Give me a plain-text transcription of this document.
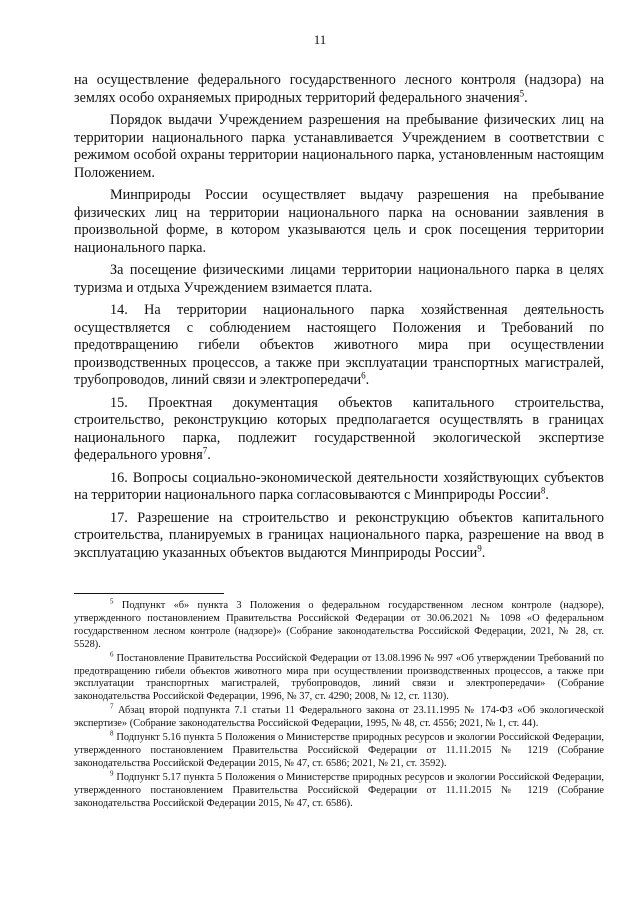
11

на осуществление федерального государственного лесного контроля (надзора) на землях особо охраняемых природных территорий федерального значения$^5$.

Порядок выдачи Учреждением разрешения на пребывание физических лиц на территории национального парка устанавливается Учреждением в соответствии с режимом особой охраны территории национального парка, установленным настоящим Положением.

Минприроды России осуществляет выдачу разрешения на пребывание физических лиц на территории национального парка на основании заявления в произвольной форме, в котором указываются цель и срок посещения территории национального парка.

За посещение физическими лицами территории национального парка в целях туризма и отдыха Учреждением взимается плата.

14. На территории национального парка хозяйственная деятельность осуществляется с соблюдением настоящего Положения и Требований по предотвращению гибели объектов животного мира при осуществлении производственных процессов, а также при эксплуатации транспортных магистралей, трубопроводов, линий связи и электропередачи$^6$.

15. Проектная документация объектов капитального строительства, строительство, реконструкцию которых предполагается осуществлять в границах национального парка, подлежит государственной экологической экспертизе федерального уровня$^7$.

16. Вопросы социально-экономической деятельности хозяйствующих субъектов на территории национального парка согласовываются с Минприроды России$^8$.

17. Разрешение на строительство и реконструкцию объектов капитального строительства, планируемых в границах национального парка, разрешение на ввод в эксплуатацию указанных объектов выдаются Минприроды России$^9$.

$^5$ Подпункт «б» пункта 3 Положения о федеральном государственном лесном контроле (надзоре), утвержденного постановлением Правительства Российской Федерации от 30.06.2021 № 1098 «О федеральном государственном лесном контроле (надзоре)» (Собрание законодательства Российской Федерации, 2021, № 28, ст. 5528).

$^6$ Постановление Правительства Российской Федерации от 13.08.1996 № 997 «Об утверждении Требований по предотвращению гибели объектов животного мира при осуществлении производственных процессов, а также при эксплуатации транспортных магистралей, трубопроводов, линий связи и электропередачи» (Собрание законодательства Российской Федерации, 1996, № 37, ст. 4290; 2008, № 12, ст. 1130).

$^7$ Абзац второй подпункта 7.1 статьи 11 Федерального закона от 23.11.1995 № 174-ФЗ «Об экологической экспертизе» (Собрание законодательства Российской Федерации, 1995, № 48, ст. 4556; 2021, № 1, ст. 44).

$^8$ Подпункт 5.16 пункта 5 Положения о Министерстве природных ресурсов и экологии Российской Федерации, утвержденного постановлением Правительства Российской Федерации от 11.11.2015 № 1219 (Собрание законодательства Российской Федерации 2015, № 47, ст. 6586; 2021, № 21, ст. 3592).

$^9$ Подпункт 5.17 пункта 5 Положения о Министерстве природных ресурсов и экологии Российской Федерации, утвержденного постановлением Правительства Российской Федерации от 11.11.2015 № 1219 (Собрание законодательства Российской Федерации 2015, № 47, ст. 6586).
